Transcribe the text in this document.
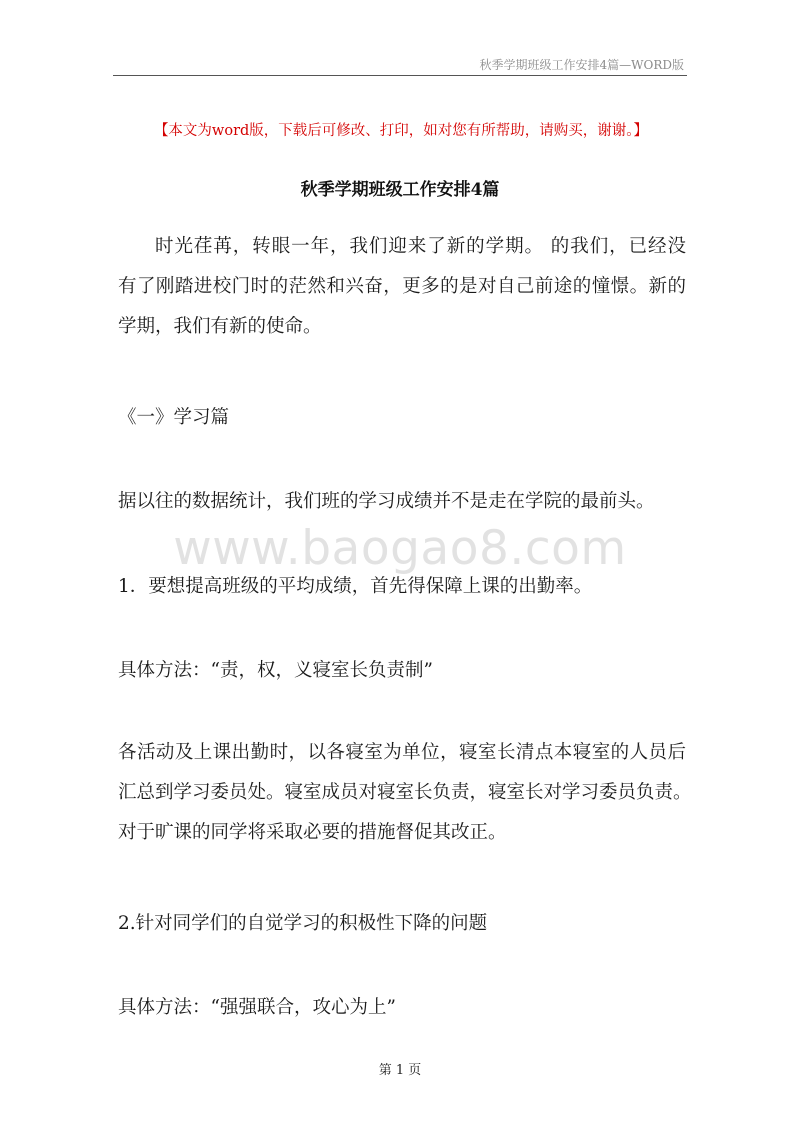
秋季学期班级工作安排4篇—WORD版
【本文为word版，下载后可修改、打印，如对您有所帮助，请购买，谢谢。】
秋季学期班级工作安排4篇
时光荏苒，转眼一年，我们迎来了新的学期。 的我们，已经没
有了刚踏进校门时的茫然和兴奋，更多的是对自己前途的憧憬。新的
学期，我们有新的使命。
《一》学习篇
据以往的数据统计，我们班的学习成绩并不是走在学院的最前头。
www.baogao8.com
1．要想提高班级的平均成绩，首先得保障上课的出勤率。
具体方法：“责，权，义寝室长负责制”
各活动及上课出勤时，以各寝室为单位，寝室长清点本寝室的人员后
汇总到学习委员处。寝室成员对寝室长负责，寝室长对学习委员负责。
对于旷课的同学将采取必要的措施督促其改正。
2.针对同学们的自觉学习的积极性下降的问题
具体方法：“强强联合，攻心为上”
第 1 页
